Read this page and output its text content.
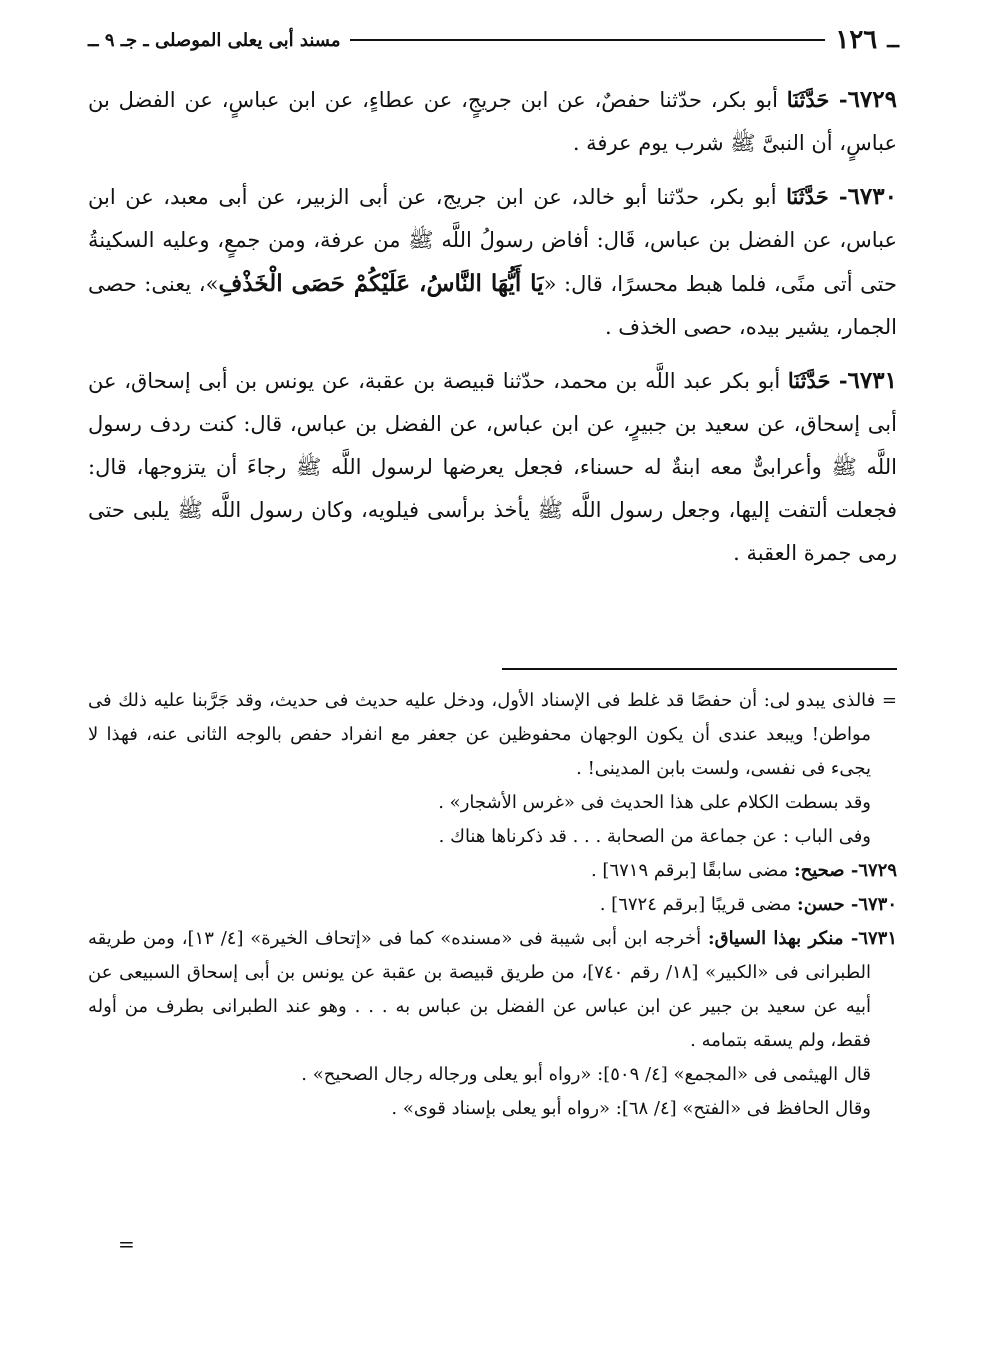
ــ
١٢٦
مسند أبى يعلى الموصلى ـ جـ ٩ ــ

٦٧٢٩- حَدَّثَنَا أبو بكر، حدّثنا حفصٌ، عن ابن جريجٍ، عن عطاءٍ، عن ابن عباسٍ، عن الفضل بن عباسٍ، أن النبىَّ ﷺ شرب يوم عرفة .

٦٧٣٠- حَدَّثَنَا أبو بكر، حدّثنا أبو خالد، عن ابن جريج، عن أبى الزبير، عن أبى معبد، عن ابن عباس، عن الفضل بن عباس، قَال: أفاض رسولُ اللَّه ﷺ من عرفة، ومن جمعٍ، وعليه السكينةُ حتى أتى منًى، فلما هبط محسرًا، قال: «يَا أَيُّهَا النَّاسُ، عَلَيْكُمْ حَصَى الْخَذْفِ»، يعنى: حصى الجمار، يشير بيده، حصى الخذف .

٦٧٣١- حَدَّثَنَا أبو بكر عبد اللَّه بن محمد، حدّثنا قبيصة بن عقبة، عن يونس بن أبى إسحاق، عن أبى إسحاق، عن سعيد بن جبيرٍ، عن ابن عباس، عن الفضل بن عباس، قال: كنت ردف رسول اللَّه ﷺ وأعرابىٌّ معه ابنةٌ له حسناء، فجعل يعرضها لرسول اللَّه ﷺ رجاءَ أن يتزوجها، قال: فجعلت ألتفت إليها، وجعل رسول اللَّه ﷺ يأخذ برأسى فيلويه، وكان رسول اللَّه ﷺ يلبى حتى رمى جمرة العقبة .

= فالذى يبدو لى: أن حفصًا قد غلط فى الإسناد الأول، ودخل عليه حديث فى حديث، وقد جَرَّبنا عليه ذلك فى مواطن! ويبعد عندى أن يكون الوجهان محفوظين عن جعفر مع انفراد حفص بالوجه الثانى عنه، فهذا لا يجىء فى نفسى، ولست بابن المدينى! .

وقد بسطت الكلام على هذا الحديث فى «غرس الأشجار» .

وفى الباب : عن جماعة من الصحابة . . . قد ذكرناها هناك .

٦٧٢٩- صحيح: مضى سابقًا [برقم ٦٧١٩] .

٦٧٣٠- حسن: مضى قريبًا [برقم ٦٧٢٤] .

٦٧٣١- منكر بهذا السياق: أخرجه ابن أبى شيبة فى «مسنده» كما فى «إتحاف الخيرة» [٤/ ١٣]، ومن طريقه الطبرانى فى «الكبير» [١٨/ رقم ٧٤٠]، من طريق قبيصة بن عقبة عن يونس بن أبى إسحاق السبيعى عن أبيه عن سعيد بن جبير عن ابن عباس عن الفضل بن عباس به . . . وهو عند الطبرانى بطرف من أوله فقط، ولم يسقه بتمامه .

قال الهيثمى فى «المجمع» [٤/ ٥٠٩]: «رواه أبو يعلى ورجاله رجال الصحيح» .

وقال الحافظ فى «الفتح» [٤/ ٦٨]: «رواه أبو يعلى بإسناد قوى» .

=
